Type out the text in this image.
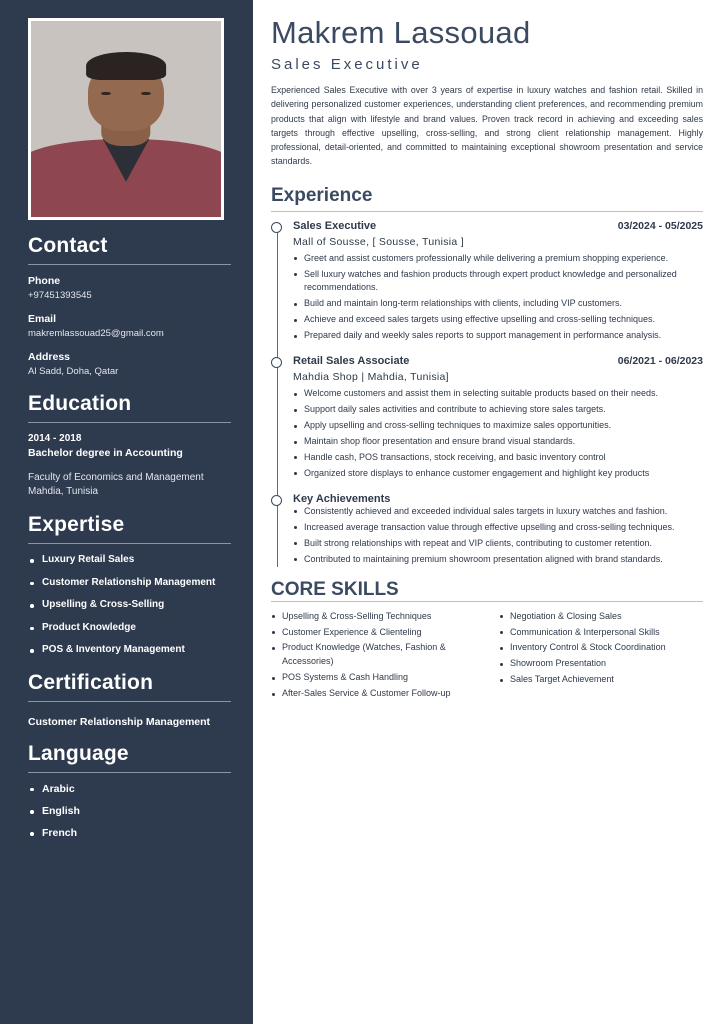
Contact
Phone
+97451393545
Email
makremlassouad25@gmail.com
Address
Al Sadd, Doha, Qatar
Education
2014 - 2018
Bachelor degree in Accounting
Faculty of Economics and Management Mahdia, Tunisia
Expertise
Luxury Retail Sales
Customer Relationship Management
Upselling & Cross-Selling
Product Knowledge
POS & Inventory Management
Certification
Customer Relationship Management
Language
Arabic
English
French
Makrem Lassouad
Sales Executive

Experienced Sales Executive with over 3 years of expertise in luxury watches and fashion retail. Skilled in delivering personalized customer experiences, understanding client preferences, and recommending premium products that align with lifestyle and brand values. Proven track record in achieving and exceeding sales targets through effective upselling, cross-selling, and strong client relationship management. Highly professional, detail-oriented, and committed to maintaining exceptional showroom presentation and service standards.

Experience
Sales Executive	03/2024 - 05/2025
Mall of Sousse, [ Sousse, Tunisia ]
Greet and assist customers professionally while delivering a premium shopping experience.
Sell luxury watches and fashion products through expert product knowledge and personalized recommendations.
Build and maintain long-term relationships with clients, including VIP customers.
Achieve and exceed sales targets using effective upselling and cross-selling techniques.
Prepared daily and weekly sales reports to support management in performance analysis.
Retail Sales Associate	06/2021 - 06/2023
Mahdia Shop | Mahdia, Tunisia]
Welcome customers and assist them in selecting suitable products based on their needs.
Support daily sales activities and contribute to achieving store sales targets.
Apply upselling and cross-selling techniques to maximize sales opportunities.
Maintain shop floor presentation and ensure brand visual standards.
Handle cash, POS transactions, stock receiving, and basic inventory control
Organized store displays to enhance customer engagement and highlight key products
Key Achievements
Consistently achieved and exceeded individual sales targets in luxury watches and fashion.
Increased average transaction value through effective upselling and cross-selling techniques.
Built strong relationships with repeat and VIP clients, contributing to customer retention.
Contributed to maintaining premium showroom presentation aligned with brand standards.
CORE SKILLS
Upselling & Cross-Selling Techniques
Customer Experience & Clienteling
Product Knowledge (Watches, Fashion & Accessories)
POS Systems & Cash Handling
After-Sales Service & Customer Follow-up
Negotiation & Closing Sales
Communication & Interpersonal Skills
Inventory Control & Stock Coordination
Showroom Presentation
Sales Target Achievement
